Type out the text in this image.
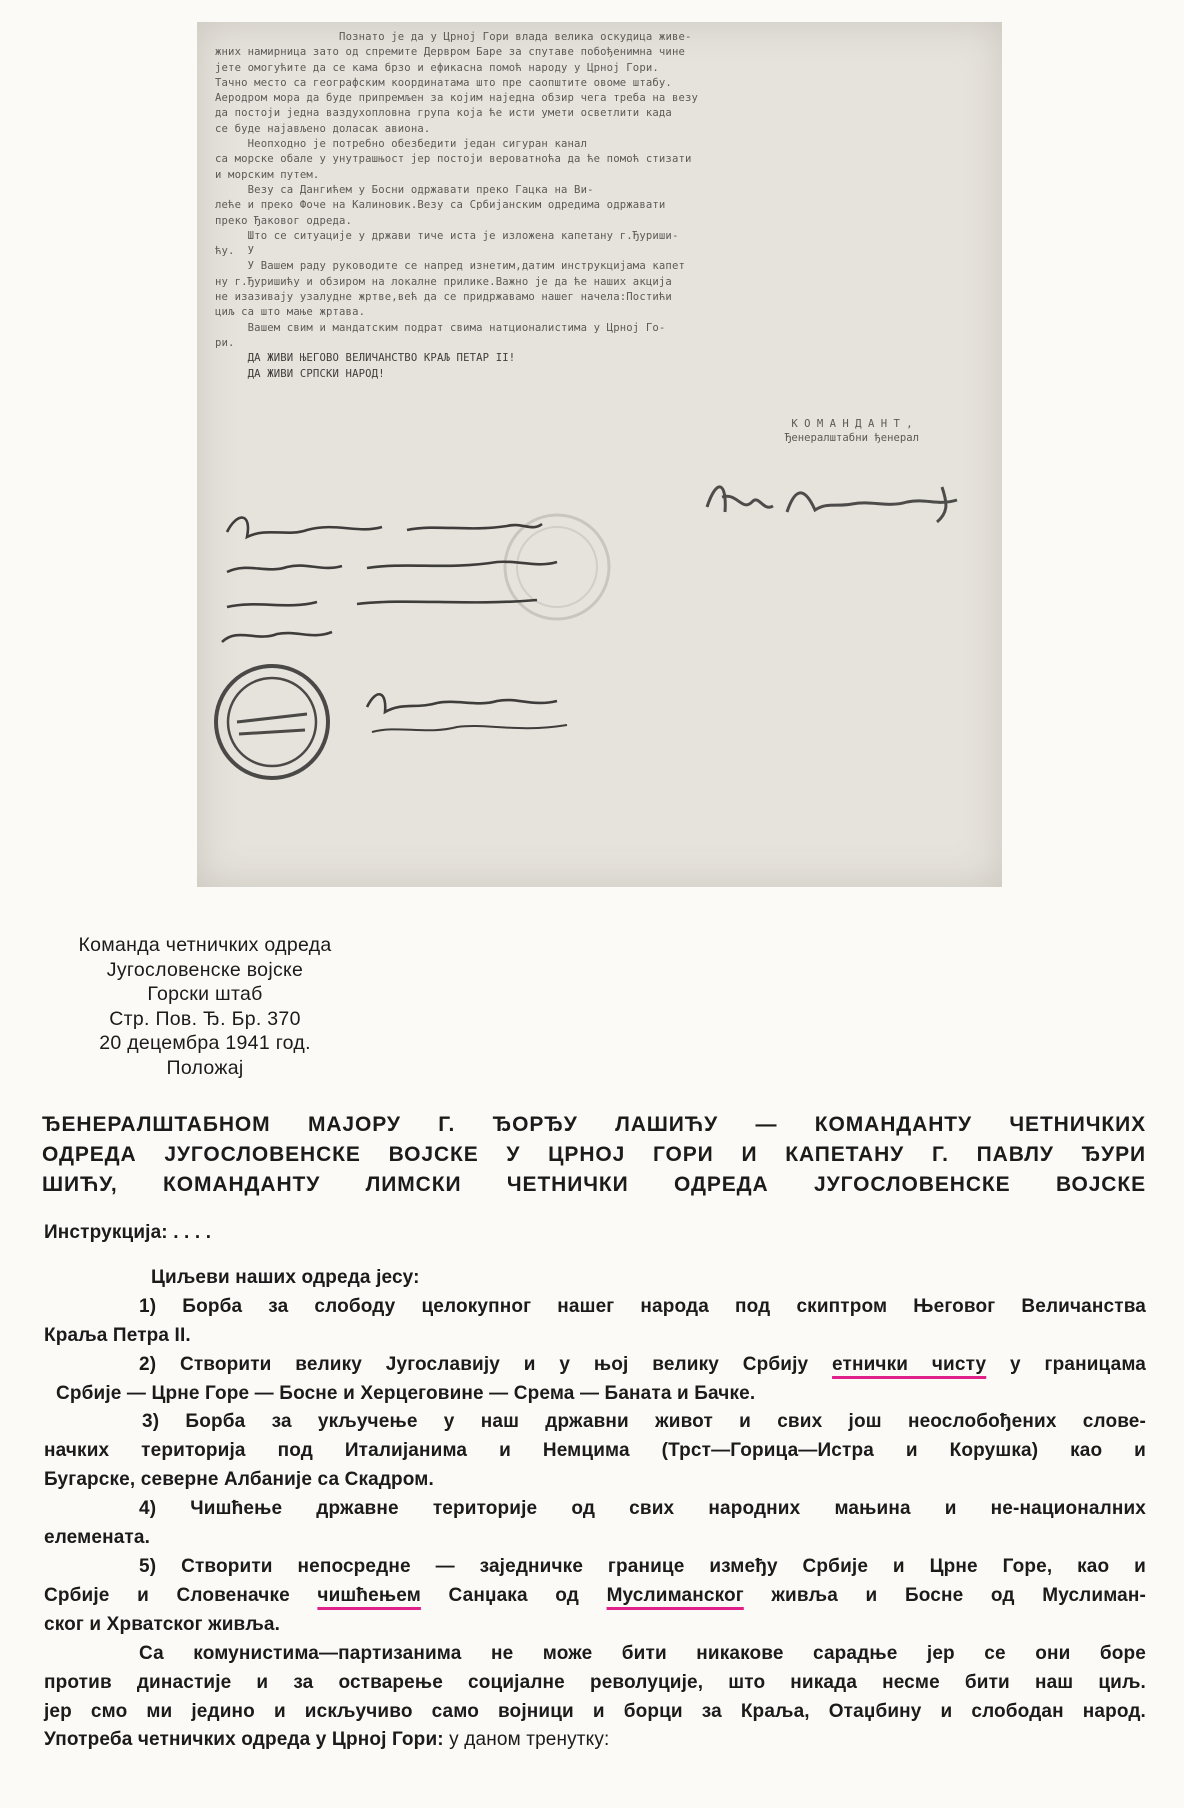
Познато је да у Црној Гори влада велика оскудица живе-

жних намирница зато од спремите Дервром Баре за спутаве побођенимна чине

јете омогућите да се кама брзо и ефикасна помоћ народу у Црној Гори.

Тачно место са географским координатама што пре саопштите овоме штабу.

Аеродром мора да буде припремљен за којим наједна обзир чега треба на везу

да постоји једна ваздухопловна група која ће исти умети осветлити када

се буде најављено доласак авиона.

Неопходно је потребно обезбедити један сигуран канал

са морске обале у унутрашњост јер постоји вероватноћа да ће помоћ стизати

и морским путем.

Везу са Дангићем у Босни одржавати преко Гацка на Ви-

леће и преко Фоче на Калиновик.Везу са Србијанским одредима одржавати

преко Ђаковог одреда.

Што се ситуације у држави тиче иста је изложена капетану г.Ђуриши-

ћу.  У

У Вашем раду руководите се напред изнетим,датим инструкцијама капет

ну г.Ђуришићу и обзиром на локалне прилике.Важно је да ће наших акција

не изазивају узалудне жртве,већ да се придржавамо нашег начела:Постићи

циљ са што мање жртава.

Вашем свим и мандатским подрат свима натционалистима у Црној Го-

ри.

ДА ЖИВИ ЊЕГОВО ВЕЛИЧАНСТВО КРАЉ ПЕТАР II!

ДА ЖИВИ СРПСКИ НАРОД!

К О М А Н Д А Н Т ,
Ђенералштабни ђенерал
Команда четничких одреда
Југословенске војске
Горски штаб
Стр. Пов. Ђ. Бр. 370
20 децембра 1941 год.
Положај
ЂЕНЕРАЛШТАБНОМ МАЈОРУ Г. ЂОРЂУ ЛАШИЋУ — КОМАНДАНТУ ЧЕТНИЧКИХ
ОДРЕДА ЈУГОСЛОВЕНСКЕ ВОЈСКЕ У ЦРНОЈ ГОРИ И КАПЕТАНУ Г. ПАВЛУ ЂУРИ
ШИЋУ, КОМАНДАНТУ ЛИМСКИ ЧЕТНИЧКИ ОДРЕДА ЈУГОСЛОВЕНСКЕ ВОЈСКЕ
Инструкција: . . . .
Циљеви наших одреда јесу:
1) Борба за слободу целокупног нашег народа под скиптром Његовог Величанства
Краља Петра II.
2) Створити велику Југославију и у њој велику Србију етнички чисту у границама
Србије — Црне Горе — Босне и Херцеговине — Срема — Баната и Бачке.
3) Борба за укључење у наш државни живот и свих још неослобођених слове-
начких територија под Италијанима и Немцима (Трст—Горица—Истра и Корушка) као и
Бугарске, северне Албаније са Скадром.
4) Чишћење државне територије од свих народних мањина и не-националних
елемената.
5) Створити непосредне — заједничке границе између Србије и Црне Горе, као и
Србије и Словеначке чишћењем Санџака од Муслиманског живља и Босне од Муслиман-
ског и Хрватског живља.
Са комунистима—партизанима не може бити никакове сарадње јер се они боре
против династије и за остварење социјалне револуције, што никада несме бити наш циљ.
јер смо ми једино и искључиво само војници и борци за Краља, Отаџбину и слободан народ.
Употреба четничких одреда у Црној Гори: у даном тренутку:
